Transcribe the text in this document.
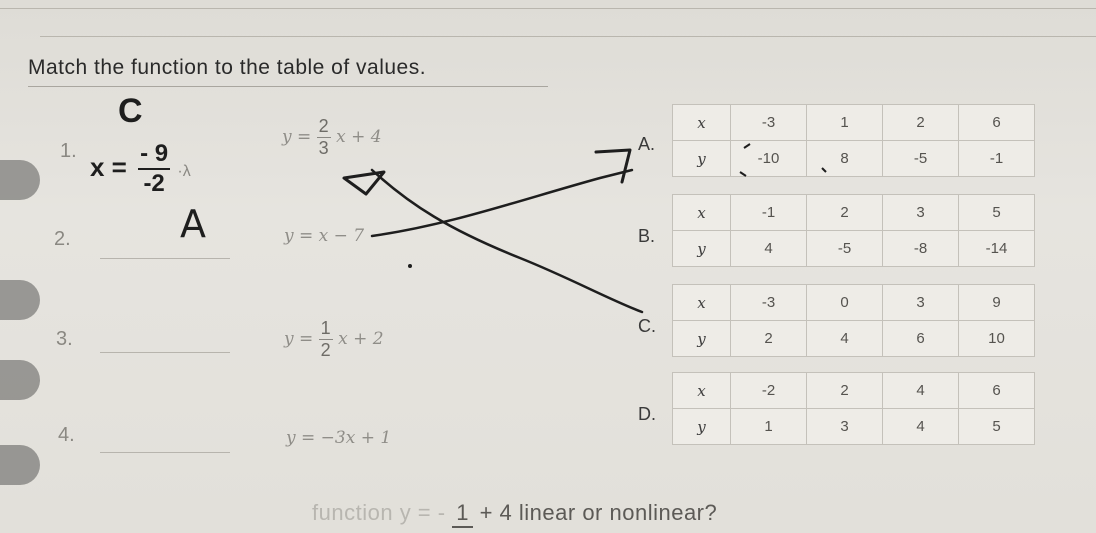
Match the function to the table of values.
1.
2.
3.
4.
C
A
$x = \frac{- 9}{-2} \cdot\lambda$
$y = \frac{2}{3}$ x + 4
y = x − 7
$y = \frac{1}{2}$ x + 2
y = −3x + 1
A.
B.
C.
D.
x	-3	1	2	6
y	-10	8	-5	-1
x	-1	2	3	5
y	4	-5	-8	-14
x	-3	0	3	9
y	2	4	6	10
x	-2	2	4	6
y	1	3	4	5
function y = - 1 + 4 linear or nonlinear?
